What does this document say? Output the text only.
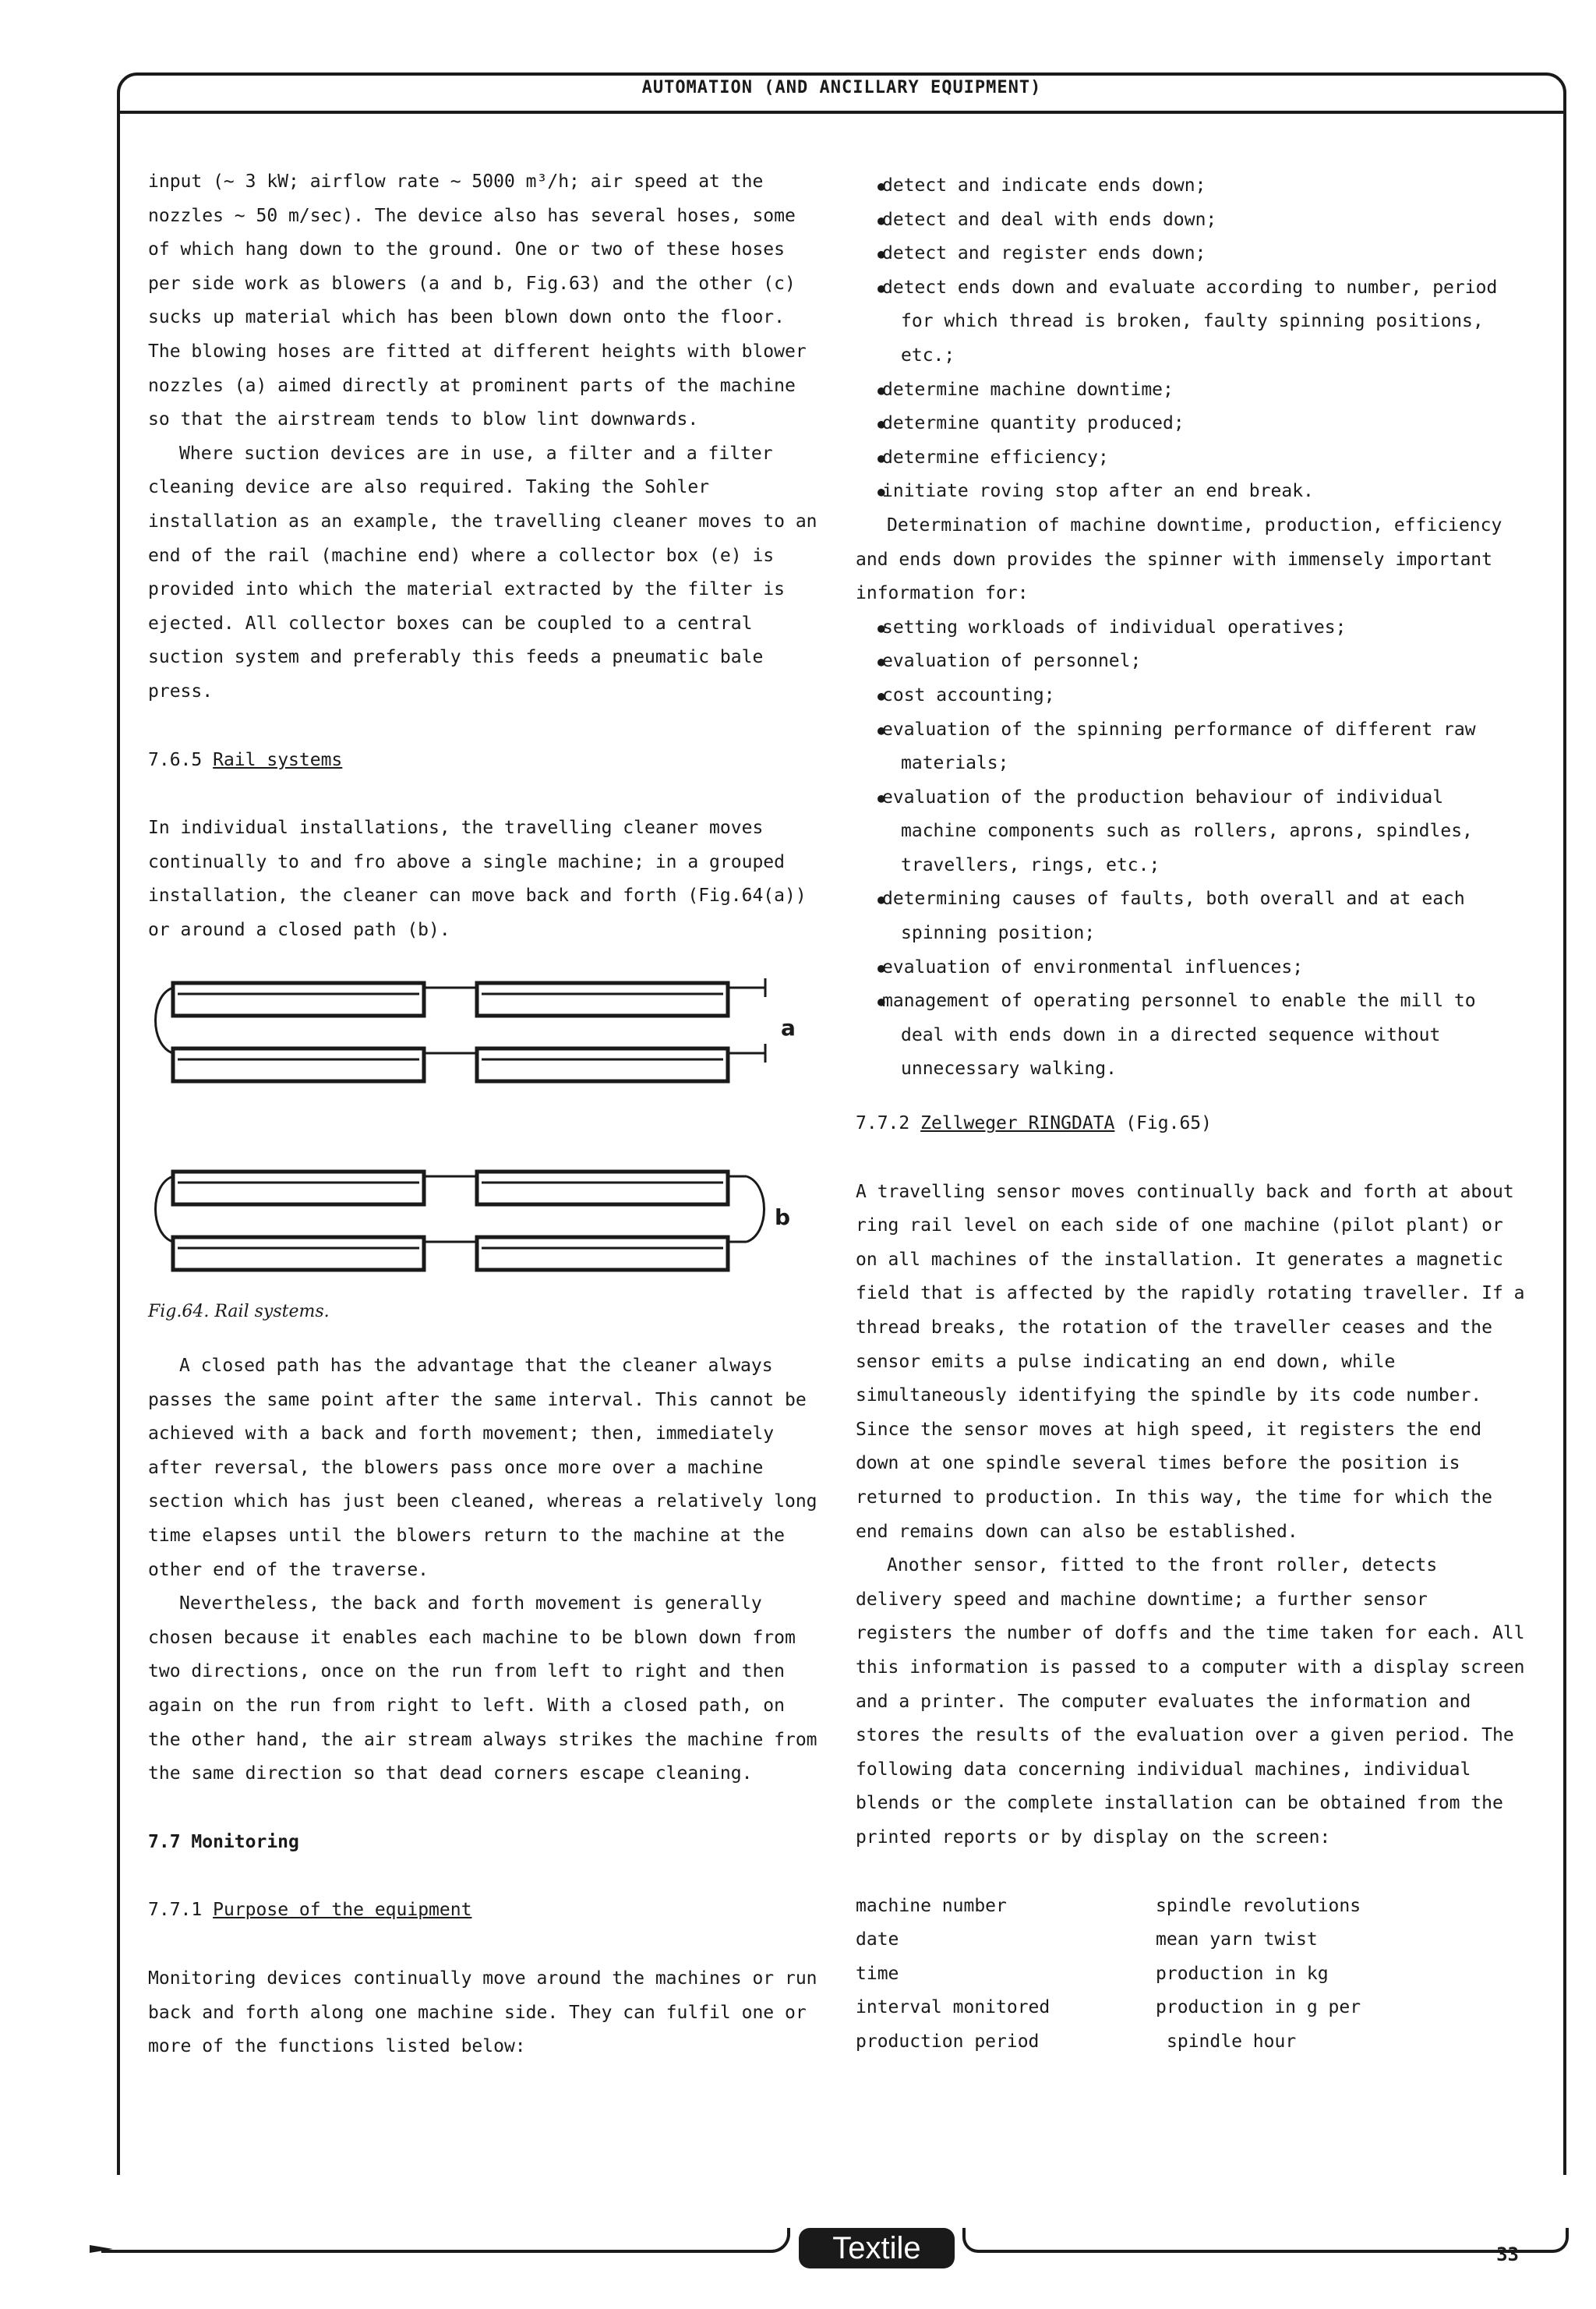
AUTOMATION (AND ANCILLARY EQUIPMENT)

input (~ 3 kW; airflow rate ~ 5000 m³/h; air speed at the nozzles ~ 50 m/sec). The device also has several hoses, some of which hang down to the ground. One or two of these hoses per side work as blowers (a and b, Fig.63) and the other (c) sucks up material which has been blown down onto the floor. The blowing hoses are fitted at different heights with blower nozzles (a) aimed directly at prominent parts of the machine so that the airstream tends to blow lint downwards.

Where suction devices are in use, a filter and a filter cleaning device are also required. Taking the Sohler installation as an example, the travelling cleaner moves to an end of the rail (machine end) where a collector box (e) is provided into which the material extracted by the filter is ejected. All collector boxes can be coupled to a central suction system and preferably this feeds a pneumatic bale press.

7.6.5 Rail systems

In individual installations, the travelling cleaner moves continually to and fro above a single machine; in a grouped installation, the cleaner can move back and forth (Fig.64(a)) or around a closed path (b).

a
b

Fig.64. Rail systems.

A closed path has the advantage that the cleaner always passes the same point after the same interval. This cannot be achieved with a back and forth movement; then, immediately after reversal, the blowers pass once more over a machine section which has just been cleaned, whereas a relatively long time elapses until the blowers return to the machine at the other end of the traverse.

Nevertheless, the back and forth movement is generally chosen because it enables each machine to be blown down from two directions, once on the run from left to right and then again on the run from right to left. With a closed path, on the other hand, the air stream always strikes the machine from the same direction so that dead corners escape cleaning.

7.7 Monitoring

7.7.1 Purpose of the equipment

Monitoring devices continually move around the machines or run back and forth along one machine side. They can fulfil one or more of the functions listed below:

● detect and indicate ends down;
● detect and deal with ends down;
● detect and register ends down;
● detect ends down and evaluate according to number, period for which thread is broken, faulty spinning positions, etc.;
● determine machine downtime;
● determine quantity produced;
● determine efficiency;
● initiate roving stop after an end break.

Determination of machine downtime, production, efficiency and ends down provides the spinner with immensely important information for:

● setting workloads of individual operatives;
● evaluation of personnel;
● cost accounting;
● evaluation of the spinning performance of different raw materials;
● evaluation of the production behaviour of individual machine components such as rollers, aprons, spindles, travellers, rings, etc.;
● determining causes of faults, both overall and at each spinning position;
● evaluation of environmental influences;
● management of operating personnel to enable the mill to deal with ends down in a directed sequence without unnecessary walking.

7.7.2 Zellweger RINGDATA (Fig.65)

A travelling sensor moves continually back and forth at about ring rail level on each side of one machine (pilot plant) or on all machines of the installation. It generates a magnetic field that is affected by the rapidly rotating traveller. If a thread breaks, the rotation of the traveller ceases and the sensor emits a pulse indicating an end down, while simultaneously identifying the spindle by its code number. Since the sensor moves at high speed, it registers the end down at one spindle several times before the position is returned to production. In this way, the time for which the end remains down can also be established.

Another sensor, fitted to the front roller, detects delivery speed and machine downtime; a further sensor registers the number of doffs and the time taken for each. All this information is passed to a computer with a display screen and a printer. The computer evaluates the information and stores the results of the evaluation over a given period. The following data concerning individual machines, individual blends or the complete installation can be obtained from the printed reports or by display on the screen:

machine number	spindle revolutions
date	mean yarn twist
time	production in kg
interval monitored	production in g per
production period	spindle hour
Textile Institute
33
